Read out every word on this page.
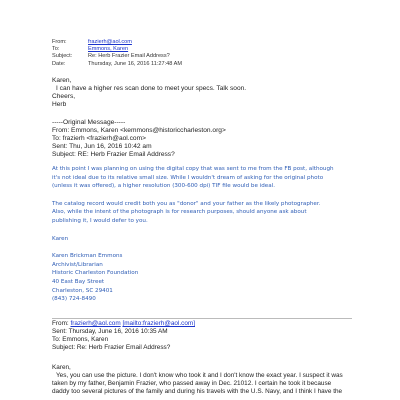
From:	frazierh@aol.com
To:	Emmons, Karen
Subject:	Re: Herb Frazier Email Address?
Date:	Thursday, June 16, 2016 11:27:48 AM
Karen,
I can have a higher res scan done to meet your specs. Talk soon.
Cheers,
Herb
-----Original Message-----
From: Emmons, Karen <kemmons@historiccharleston.org>
To: frazierh <frazierh@aol.com>
Sent: Thu, Jun 16, 2016 10:42 am
Subject: RE: Herb Frazier Email Address?

At this point I was planning on using the digital copy that was sent to me from the FB post, although
it's not ideal due to its relative small size. While I wouldn't dream of asking for the original photo
(unless it was offered), a higher resolution (300-600 dpi) TIF file would be ideal.

The catalog record would credit both you as "donor" and your father as the likely photographer.
Also, while the intent of the photograph is for research purposes, should anyone ask about
publishing it, I would defer to you.

Karen

Karen Brickman Emmons
Archivist/Librarian
Historic Charleston Foundation
40 East Bay Street
Charleston, SC 29401
(843) 724-8490
From: frazierh@aol.com [mailto:frazierh@aol.com]
Sent: Thursday, June 16, 2016 10:35 AM
To: Emmons, Karen
Subject: Re: Herb Frazier Email Address?
Karen,
Yes, you can use the picture. I don't know who took it and I don't know the exact year. I suspect it was
taken by my father, Benjamin Frazier, who passed away in Dec. 21012. I certain he took it because
daddy too several pictures of the family and during his travels with the U.S. Navy, and I think I have the
